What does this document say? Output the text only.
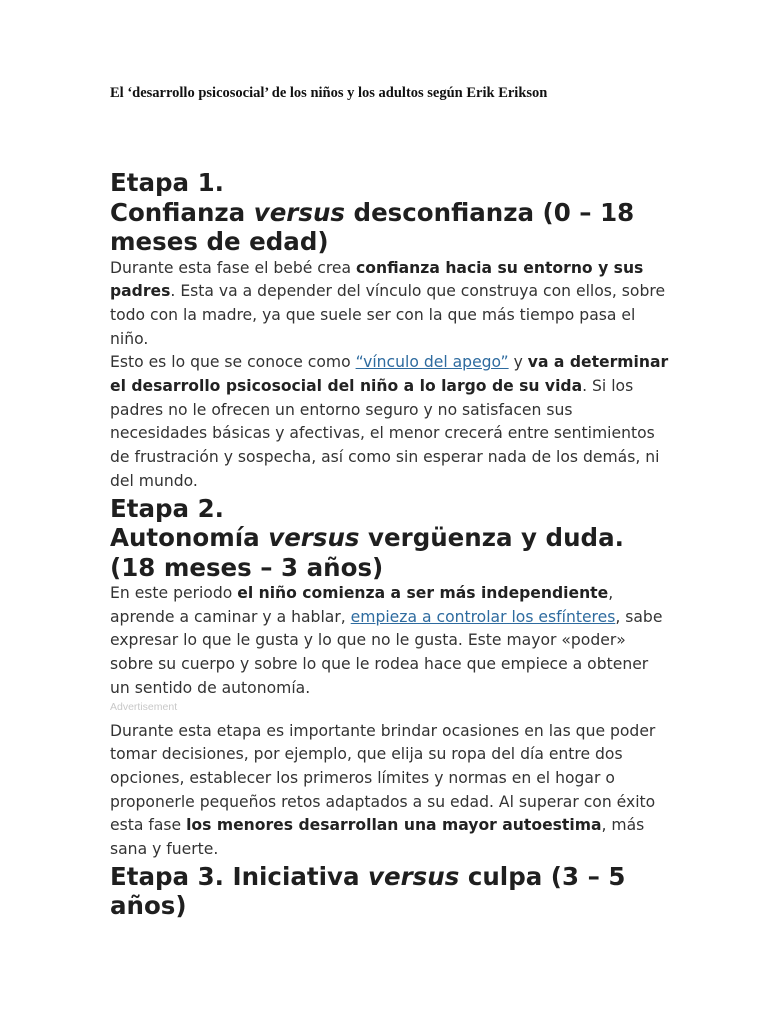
El ‘desarrollo psicosocial’ de los niños y los adultos según Erik Erikson
Etapa 1.
Confianza versus desconfianza (0 – 18 meses de edad)

Durante esta fase el bebé crea confianza hacia su entorno y sus padres. Esta va a depender del vínculo que construya con ellos, sobre todo con la madre, ya que suele ser con la que más tiempo pasa el niño.

Esto es lo que se conoce como “vínculo del apego” y va a determinar el desarrollo psicosocial del niño a lo largo de su vida. Si los padres no le ofrecen un entorno seguro y no satisfacen sus necesidades básicas y afectivas, el menor crecerá entre sentimientos de frustración y sospecha, así como sin esperar nada de los demás, ni del mundo.

Etapa 2.
Autonomía versus vergüenza y duda. (18 meses – 3 años)

En este periodo el niño comienza a ser más independiente, aprende a caminar y a hablar, empieza a controlar los esfínteres, sabe expresar lo que le gusta y lo que no le gusta. Este mayor «poder» sobre su cuerpo y sobre lo que le rodea hace que empiece a obtener un sentido de autonomía.

Advertisement

Durante esta etapa es importante brindar ocasiones en las que poder tomar decisiones, por ejemplo, que elija su ropa del día entre dos opciones, establecer los primeros límites y normas en el hogar o proponerle pequeños retos adaptados a su edad. Al superar con éxito esta fase los menores desarrollan una mayor autoestima, más sana y fuerte.

Etapa 3. Iniciativa versus culpa (3 – 5 años)
